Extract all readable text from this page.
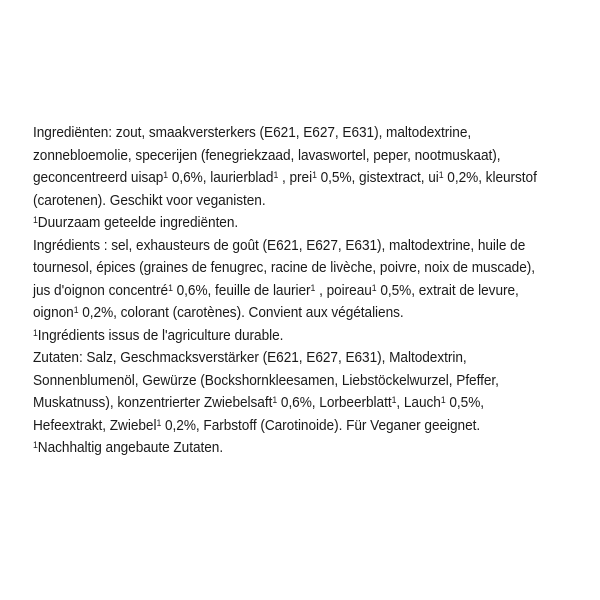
Ingrediënten: zout, smaakversterkers (E621, E627, E631), maltodextrine,
zonnebloemolie, specerijen (fenegriekzaad, lavaswortel, peper, nootmuskaat),
geconcentreerd uisap$^1$ 0,6%, laurierblad$^1$ , prei$^1$ 0,5%, gistextract, $ui^1$ 0,2%, kleurstof
(carotenen). Geschikt voor veganisten.
$^1$Duurzaam geteelde ingrediënten.
Ingrédients : sel, exhausteurs de goût (E621, E627, E631), maltodextrine, huile de
tournesol, épices (graines de fenugrec, racine de livèche, poivre, noix de muscade),
jus d'oignon concentré$^1$ 0,6%, feuille de laurier$^1$ , poireau$^1$ 0,5%, extrait de levure,
oignon$^1$ 0,2%, colorant (carotènes). Convient aux végétaliens.
$^1$Ingrédients issus de l'agriculture durable.
Zutaten: Salz, Geschmacksverstärker (E621, E627, E631), Maltodextrin,
Sonnenblumenöl, Gewürze (Bockshornkleesamen, Liebstöckelwurzel, Pfeffer,
Muskatnuss), konzentrierter Zwiebelsaft$^1$ 0,6%, Lorbeerblatt$^1$, Lauch$^1$ 0,5%,
Hefeextrakt, Zwiebel$^1$ 0,2%, Farbstoff (Carotinoide). Für Veganer geeignet.
$^1$Nachhaltig angebaute Zutaten.
